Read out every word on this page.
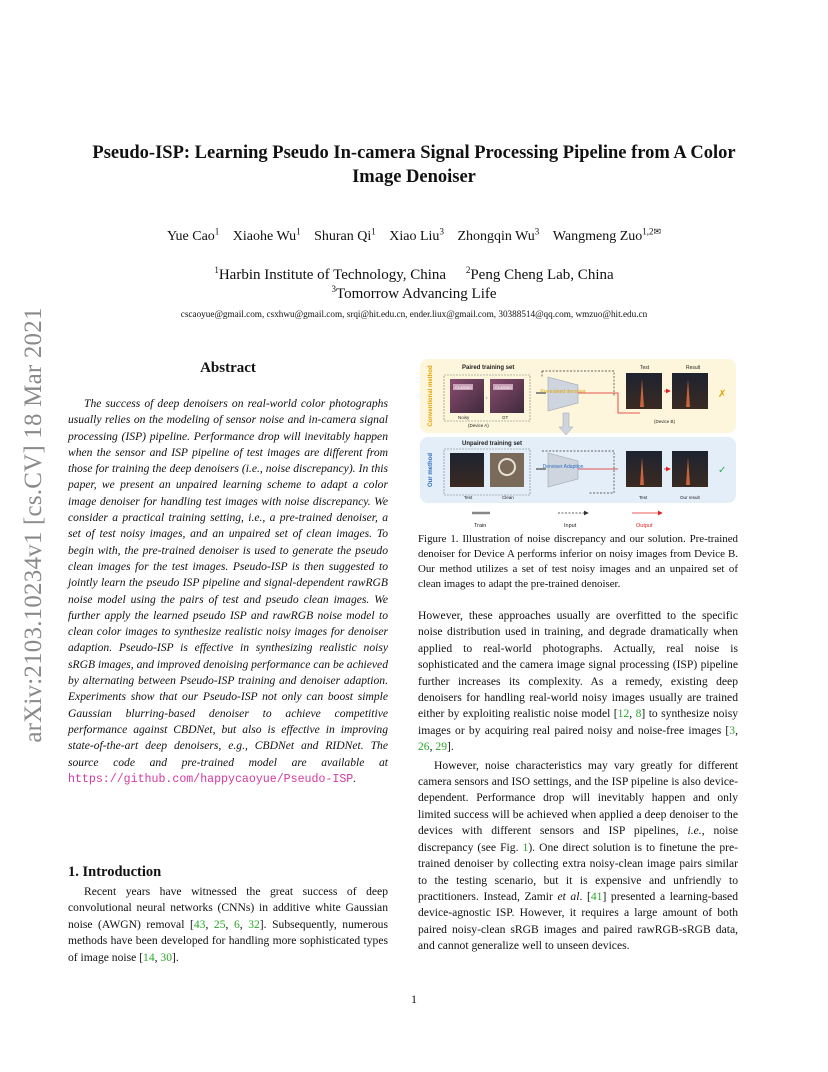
arXiv:2103.10234v1 [cs.CV] 18 Mar 2021
Pseudo-ISP: Learning Pseudo In-camera Signal Processing Pipeline from A Color Image Denoiser
Yue Cao$^1$ Xiaohe Wu$^1$ Shuran Qi$^1$ Xiao Liu$^3$ Zhongqin Wu$^3$ Wangmeng Zuo$^{1,2✉}$
$^1$Harbin Institute of Technology, China $^2$Peng Cheng Lab, China
$^3$Tomorrow Advancing Life
cscaoyue@gmail.com, csxhwu@gmail.com, srqi@hit.edu.cn, ender.liux@gmail.com, 30388514@qq.com, wmzuo@hit.edu.cn
Abstract
The success of deep denoisers on real-world color photographs usually relies on the modeling of sensor noise and in-camera signal processing (ISP) pipeline. Performance drop will inevitably happen when the sensor and ISP pipeline of test images are different from those for training the deep denoisers (i.e., noise discrepancy). In this paper, we present an unpaired learning scheme to adapt a color image denoiser for handling test images with noise discrepancy. We consider a practical training setting, i.e., a pre-trained denoiser, a set of test noisy images, and an unpaired set of clean images. To begin with, the pre-trained denoiser is used to generate the pseudo clean images for the test images. Pseudo-ISP is then suggested to jointly learn the pseudo ISP pipeline and signal-dependent rawRGB noise model using the pairs of test and pseudo clean images. We further apply the learned pseudo ISP and rawRGB noise model to clean color images to synthesize realistic noisy images for denoiser adaption. Pseudo-ISP is effective in synthesizing realistic noisy sRGB images, and improved denoising performance can be achieved by alternating between Pseudo-ISP training and denoiser adaption. Experiments show that our Pseudo-ISP not only can boost simple Gaussian blurring-based denoiser to achieve competitive performance against CBDNet, but also is effective in improving state-of-the-art deep denoisers, e.g., CBDNet and RIDNet. The source code and pre-trained model are available at https://github.com/happycaoyue/Pseudo-ISP.
1. Introduction
Recent years have witnessed the great success of deep convolutional neural networks (CNNs) in additive white Gaussian noise (AWGN) removal [43, 25, 6, 32]. Subsequently, numerous methods have been developed for handling more sophisticated types of image noise [14, 30].
Conventional method
Our method
Paired training set
CLASSIC	CLASSIC
Noisy	GT
(Device A)
,
Pre-trained denoiser
Test	Result
(Device B)
✗
Unpaired training set
Test	Clean
Denoiser Adaption
Test	Our result
✓
Train	Input	Output
Figure 1. Illustration of noise discrepancy and our solution. Pre-trained denoiser for Device A performs inferior on noisy images from Device B. Our method utilizes a set of test noisy images and an unpaired set of clean images to adapt the pre-trained denoiser.

However, these approaches usually are overfitted to the specific noise distribution used in training, and degrade dramatically when applied to real-world photographs. Actually, real noise is sophisticated and the camera image signal processing (ISP) pipeline further increases its complexity. As a remedy, existing deep denoisers for handling real-world noisy images usually are trained either by exploiting realistic noise model [12, 8] to synthesize noisy images or by acquiring real paired noisy and noise-free images [3, 26, 29].

However, noise characteristics may vary greatly for different camera sensors and ISO settings, and the ISP pipeline is also device-dependent. Performance drop will inevitably happen and only limited success will be achieved when applied a deep denoiser to the devices with different sensors and ISP pipelines, i.e., noise discrepancy (see Fig. 1). One direct solution is to finetune the pre-trained denoiser by collecting extra noisy-clean image pairs similar to the testing scenario, but it is expensive and unfriendly to practitioners. Instead, Zamir et al. [41] presented a learning-based device-agnostic ISP. However, it requires a large amount of both paired noisy-clean sRGB images and paired rawRGB-sRGB data, and cannot generalize well to unseen devices.

1
